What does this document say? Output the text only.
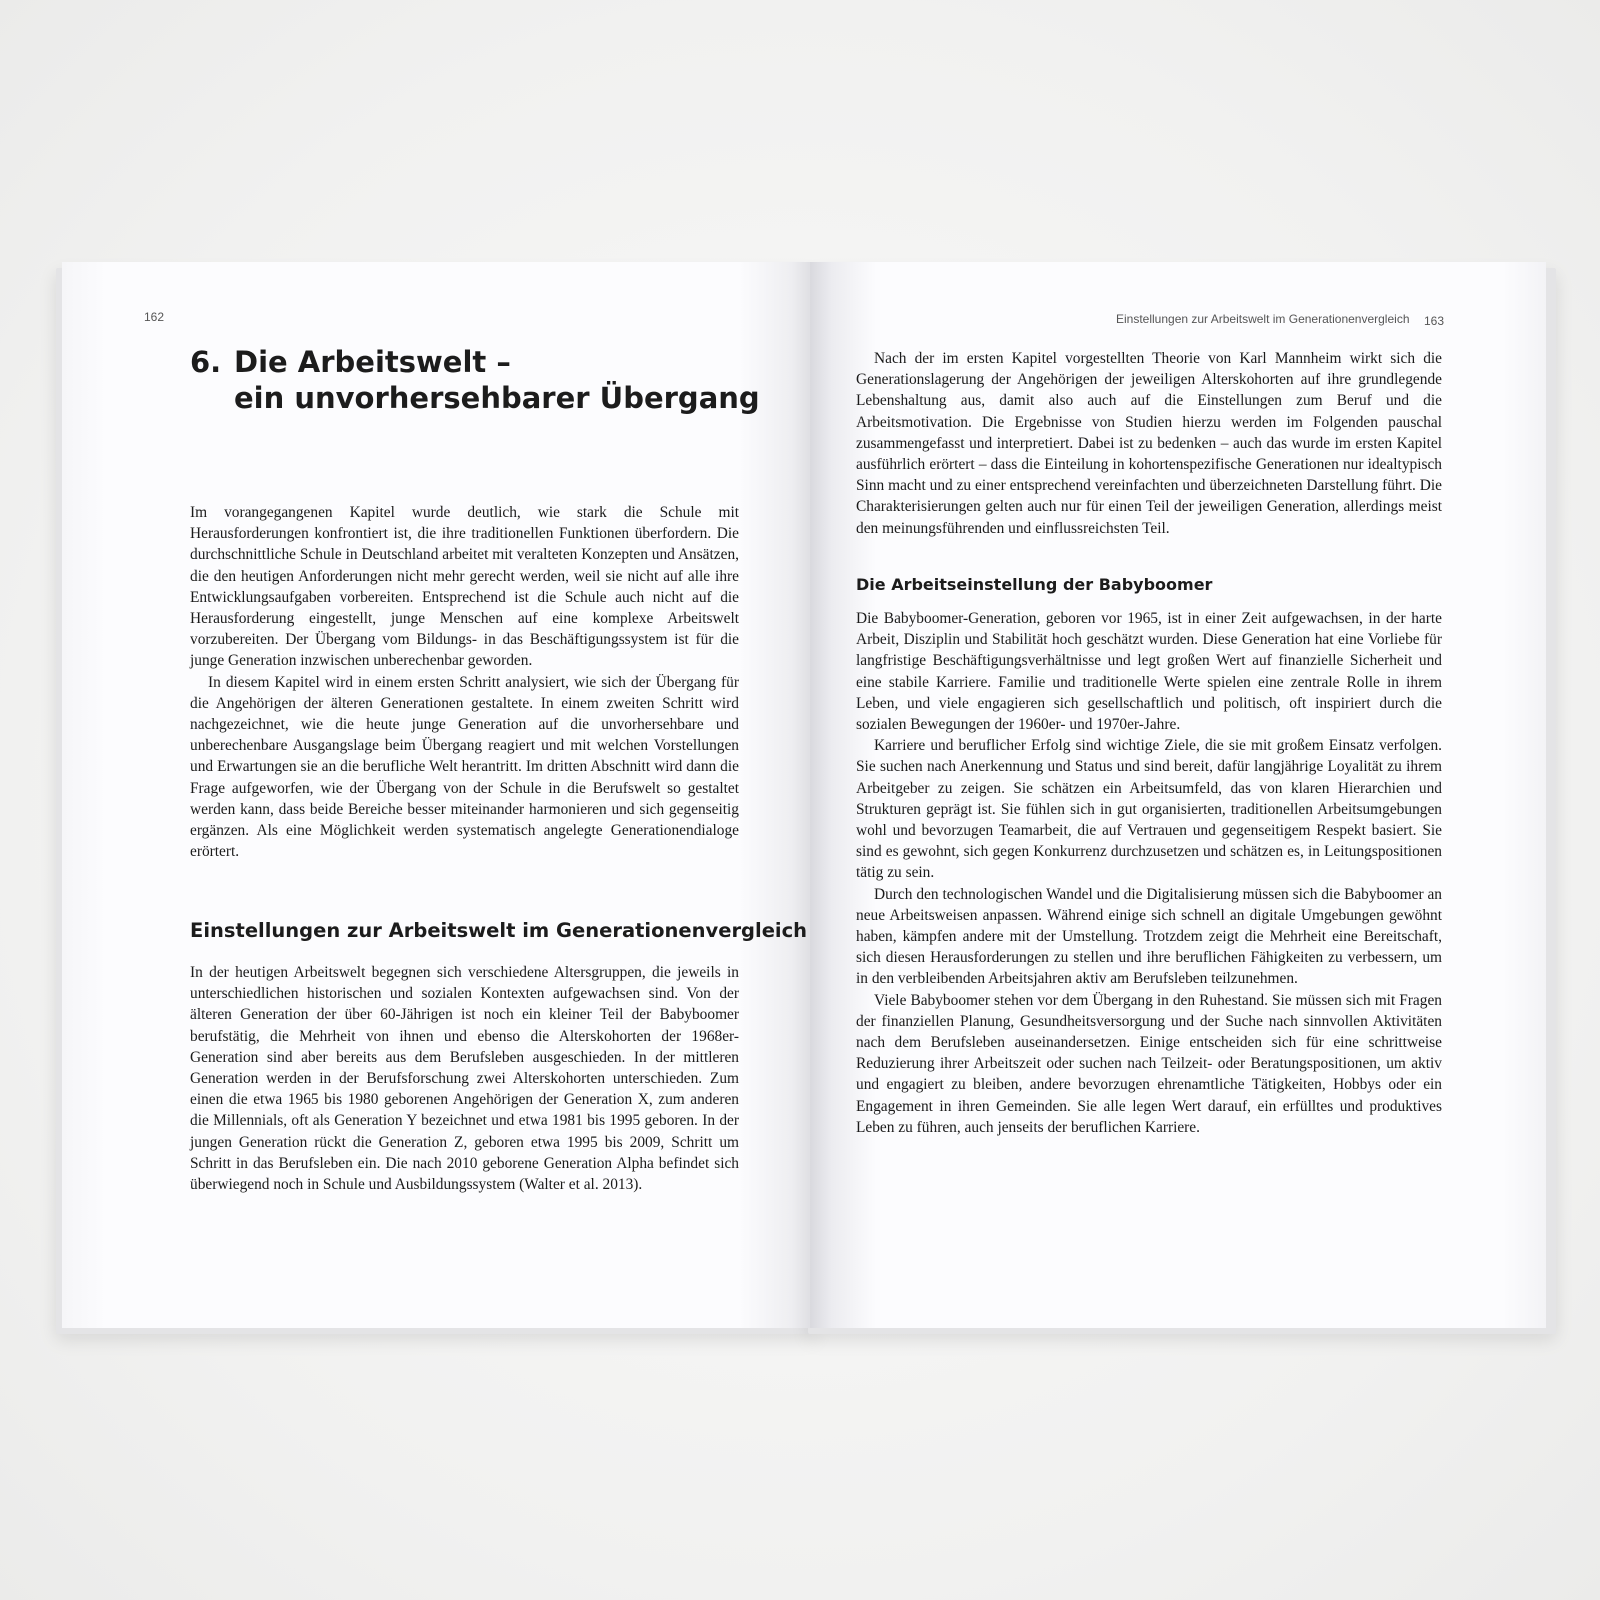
162
6. Die Arbeitswelt –
ein unvorhersehbarer Übergang

Im vorangegangenen Kapitel wurde deutlich, wie stark die Schule mit Herausforderungen konfrontiert ist, die ihre traditionellen Funktionen überfordern. Die durchschnittliche Schule in Deutschland arbeitet mit veralteten Konzepten und Ansätzen, die den heutigen Anforderungen nicht mehr gerecht werden, weil sie nicht auf alle ihre Entwicklungsaufgaben vorbereiten. Entsprechend ist die Schule auch nicht auf die Herausforderung eingestellt, junge Menschen auf eine komplexe Arbeitswelt vorzubereiten. Der Übergang vom Bildungs- in das Beschäftigungssystem ist für die junge Generation inzwischen unberechenbar geworden.

In diesem Kapitel wird in einem ersten Schritt analysiert, wie sich der Übergang für die Angehörigen der älteren Generationen gestaltete. In einem zweiten Schritt wird nachgezeichnet, wie die heute junge Generation auf die unvorhersehbare und unberechenbare Ausgangslage beim Übergang reagiert und mit welchen Vorstellungen und Erwartungen sie an die berufliche Welt herantritt. Im dritten Abschnitt wird dann die Frage aufgeworfen, wie der Übergang von der Schule in die Berufswelt so gestaltet werden kann, dass beide Bereiche besser miteinander harmonieren und sich gegenseitig ergänzen. Als eine Möglichkeit werden systematisch angelegte Generationendialoge erörtert.

Einstellungen zur Arbeitswelt im Generationenvergleich

In der heutigen Arbeitswelt begegnen sich verschiedene Altersgruppen, die jeweils in unterschiedlichen historischen und sozialen Kontexten aufgewachsen sind. Von der älteren Generation der über 60-Jährigen ist noch ein kleiner Teil der Babyboomer berufstätig, die Mehrheit von ihnen und ebenso die Alterskohorten der 1968er-Generation sind aber bereits aus dem Berufsleben ausgeschieden. In der mittleren Generation werden in der Berufsforschung zwei Alterskohorten unterschieden. Zum einen die etwa 1965 bis 1980 geborenen Angehörigen der Generation X, zum anderen die Millennials, oft als Generation Y bezeichnet und etwa 1981 bis 1995 geboren. In der jungen Generation rückt die Generation Z, geboren etwa 1995 bis 2009, Schritt um Schritt in das Berufsleben ein. Die nach 2010 geborene Generation Alpha befindet sich überwiegend noch in Schule und Ausbildungssystem (Walter et al. 2013).

Einstellungen zur Arbeitswelt im Generationenvergleich 163

Nach der im ersten Kapitel vorgestellten Theorie von Karl Mannheim wirkt sich die Generationslagerung der Angehörigen der jeweiligen Alterskohorten auf ihre grundlegende Lebenshaltung aus, damit also auch auf die Einstellungen zum Beruf und die Arbeitsmotivation. Die Ergebnisse von Studien hierzu werden im Folgenden pauschal zusammengefasst und interpretiert. Dabei ist zu bedenken – auch das wurde im ersten Kapitel ausführlich erörtert – dass die Einteilung in kohortenspezifische Generationen nur idealtypisch Sinn macht und zu einer entsprechend vereinfachten und überzeichneten Darstellung führt. Die Charakterisierungen gelten auch nur für einen Teil der jeweiligen Generation, allerdings meist den meinungsführenden und einflussreichsten Teil.

Die Arbeitseinstellung der Babyboomer

Die Babyboomer-Generation, geboren vor 1965, ist in einer Zeit aufgewachsen, in der harte Arbeit, Disziplin und Stabilität hoch geschätzt wurden. Diese Generation hat eine Vorliebe für langfristige Beschäftigungsverhältnisse und legt großen Wert auf finanzielle Sicherheit und eine stabile Karriere. Familie und traditionelle Werte spielen eine zentrale Rolle in ihrem Leben, und viele engagieren sich gesellschaftlich und politisch, oft inspiriert durch die sozialen Bewegungen der 1960er- und 1970er-Jahre.

Karriere und beruflicher Erfolg sind wichtige Ziele, die sie mit großem Einsatz verfolgen. Sie suchen nach Anerkennung und Status und sind bereit, dafür langjährige Loyalität zu ihrem Arbeitgeber zu zeigen. Sie schätzen ein Arbeitsumfeld, das von klaren Hierarchien und Strukturen geprägt ist. Sie fühlen sich in gut organisierten, traditionellen Arbeitsumgebungen wohl und bevorzugen Teamarbeit, die auf Vertrauen und gegenseitigem Respekt basiert. Sie sind es gewohnt, sich gegen Konkurrenz durchzusetzen und schätzen es, in Leitungspositionen tätig zu sein.

Durch den technologischen Wandel und die Digitalisierung müssen sich die Babyboomer an neue Arbeitsweisen anpassen. Während einige sich schnell an digitale Umgebungen gewöhnt haben, kämpfen andere mit der Umstellung. Trotzdem zeigt die Mehrheit eine Bereitschaft, sich diesen Herausforderungen zu stellen und ihre beruflichen Fähigkeiten zu verbessern, um in den verbleibenden Arbeitsjahren aktiv am Berufsleben teilzunehmen.

Viele Babyboomer stehen vor dem Übergang in den Ruhestand. Sie müssen sich mit Fragen der finanziellen Planung, Gesundheitsversorgung und der Suche nach sinnvollen Aktivitäten nach dem Berufsleben auseinandersetzen. Einige entscheiden sich für eine schrittweise Reduzierung ihrer Arbeitszeit oder suchen nach Teilzeit- oder Beratungspositionen, um aktiv und engagiert zu bleiben, andere bevorzugen ehrenamtliche Tätigkeiten, Hobbys oder ein Engagement in ihren Gemeinden. Sie alle legen Wert darauf, ein erfülltes und produktives Leben zu führen, auch jenseits der beruflichen Karriere.
